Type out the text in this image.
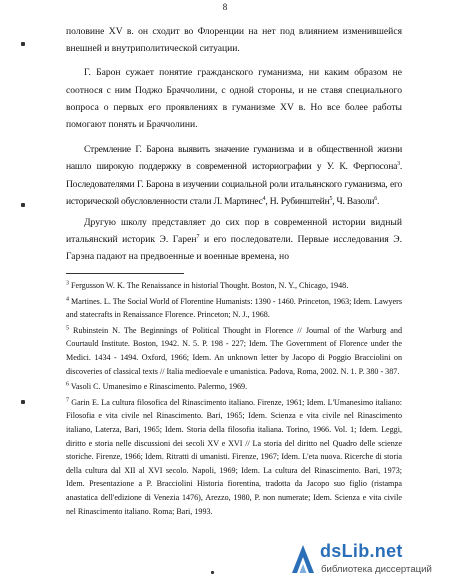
8

половине XV в. он сходит во Флоренции на нет под влиянием изменившейся внешней и внутриполитической ситуации.

Г. Барон сужает понятие гражданского гуманизма, ни каким образом не соотнося с ним Поджо Браччолини, с одной стороны, и не ставя специального вопроса о первых его проявлениях в гуманизме XV в. Но все более работы помогают понять и Браччолини.

Стремление Г. Барона выявить значение гуманизма и в общественной жизни нашло широкую поддержку в современной историографии у У. К. Фергюсона$^3$. Последователями Г. Барона в изучении социальной роли итальянского гуманизма, его исторической обусловленности стали Л. Мартинес$^4$, Н. Рубинштейн$^5$, Ч. Вазоли$^6$.

Другую школу представляет до сих пор в современной истории видный итальянский историк Э. Гарен$^7$ и его последователи. Первые исследования Э. Гарэна падают на предвоенные и военные времена, но

$^3$ Fergusson W. K. The Renaissance in historial Thought. Boston, N. Y., Chicago, 1948.

$^4$ Martines. L. The Social World of Florentine Humanists: 1390 - 1460. Princeton, 1963; Idem. Lawyers and statecrafts in Renaissance Florence. Princeton; N. J., 1968.

$^5$ Rubinstein N. The Beginnings of Political Thought in Florence // Journal of the Warburg and Courtauld Institute. Boston, 1942. N. 5. P. 198 - 227; Idem. The Government of Florence under the Medici. 1434 - 1494. Oxford, 1966; Idem. An unknown letter by Jacopo di Poggio Bracciolini on discoveries of classical texts // Italia medioevale e umanistica. Padova, Roma, 2002. N. 1. P. 380 - 387.

$^6$ Vasoli C. Umanesimo e Rinascimento. Palermo, 1969.

$^7$ Garin E. La cultura filosofica del Rinascimento italiano. Firenze, 1961; Idem. L'Umanesimo italiano: Filosofia e vita civile nel Rinascimento. Bari, 1965; Idem. Scienza e vita civile nel Rinascimento italiano, Laterza, Bari, 1965; Idem. Storia della filosofia italiana. Torino, 1966. Vol. 1; Idem. Leggi, diritto e storia nelle discussioni dei secoli XV e XVI // La storia del diritto nel Quadro delle scienze storiche. Firenze, 1966; Idem. Ritratti di umanisti. Firenze, 1967; Idem. L'eta nuova. Ricerche di storia della cultura dal XII al XVI secolo. Napoli, 1969; Idem. La cultura del Rinascimento. Bari, 1973; Idem. Presentazione a P. Bracciolini Historia fiorentina, tradotta da Jacopo suo figlio (ristampa anastatica dell'edizione di Venezia 1476), Arezzo, 1980, P. non numerate; Idem. Scienza e vita civile nel Rinascimento italiano. Roma; Bari, 1993.

dsLib.net
библиотека диссертаций
